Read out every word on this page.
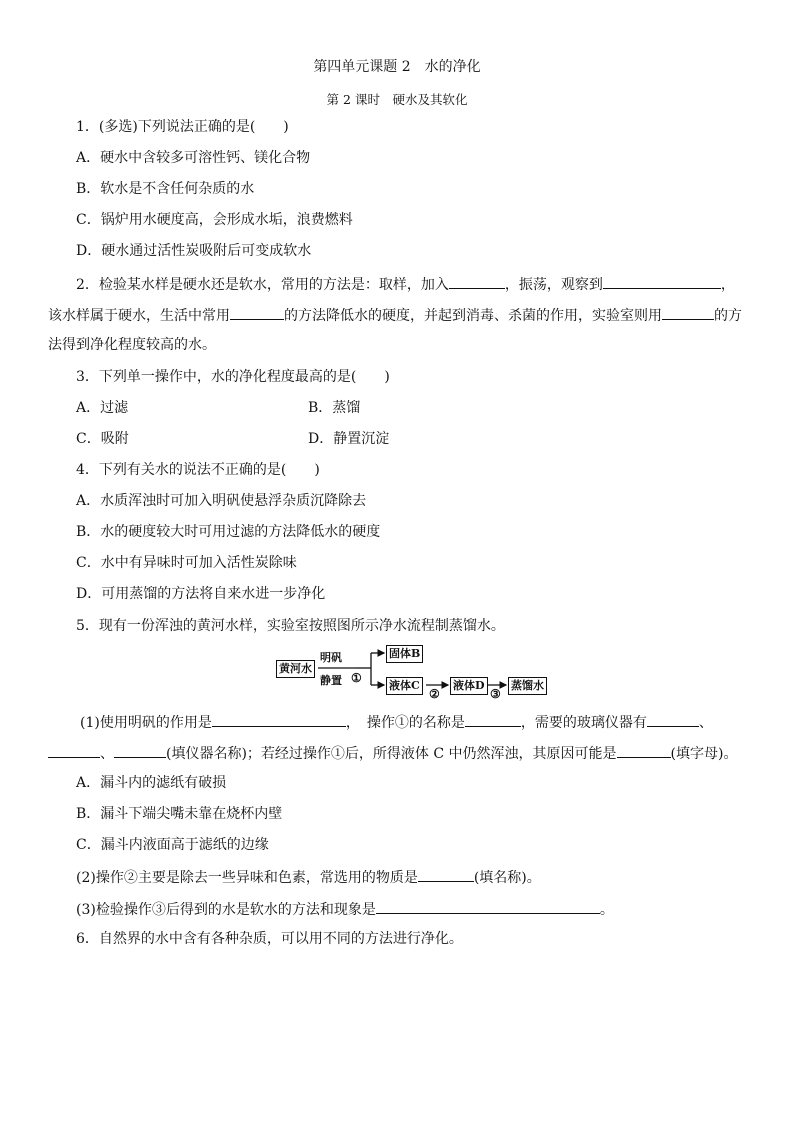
第四单元课题 2　水的净化
第 2 课时　硬水及其软化
1．(多选)下列说法正确的是(　　)
A．硬水中含较多可溶性钙、镁化合物
B．软水是不含任何杂质的水
C．锅炉用水硬度高，会形成水垢，浪费燃料
D．硬水通过活性炭吸附后可变成软水
2．检验某水样是硬水还是软水，常用的方法是：取样，加入	，振荡，观察到	，
该水样属于硬水，生活中常用	的方法降低水的硬度，并起到消毒、杀菌的作用，实验室则用	的方
法得到净化程度较高的水。
3．下列单一操作中，水的净化程度最高的是(　　)
A．过滤	B．蒸馏
C．吸附	D．静置沉淀
4．下列有关水的说法不正确的是(　　)
A．水质浑浊时可加入明矾使悬浮杂质沉降除去
B．水的硬度较大时可用过滤的方法降低水的硬度
C．水中有异味时可加入活性炭除味
D．可用蒸馏的方法将自来水进一步净化
5．现有一份浑浊的黄河水样，实验室按照图所示净水流程制蒸馏水。
黄河水
明矾
静置 ①
固体B
液体C
②
液体D
③
蒸馏水
(1)使用明矾的作用是	，　操作①的名称是	，需要的玻璃仪器有	、
、	(填仪器名称)；若经过操作①后，所得液体 C 中仍然浑浊，其原因可能是	(填字母)。
A．漏斗内的滤纸有破损
B．漏斗下端尖嘴未靠在烧杯内壁
C．漏斗内液面高于滤纸的边缘
(2)操作②主要是除去一些异味和色素，常选用的物质是	(填名称)。
(3)检验操作③后得到的水是软水的方法和现象是	。
6．自然界的水中含有各种杂质，可以用不同的方法进行净化。
